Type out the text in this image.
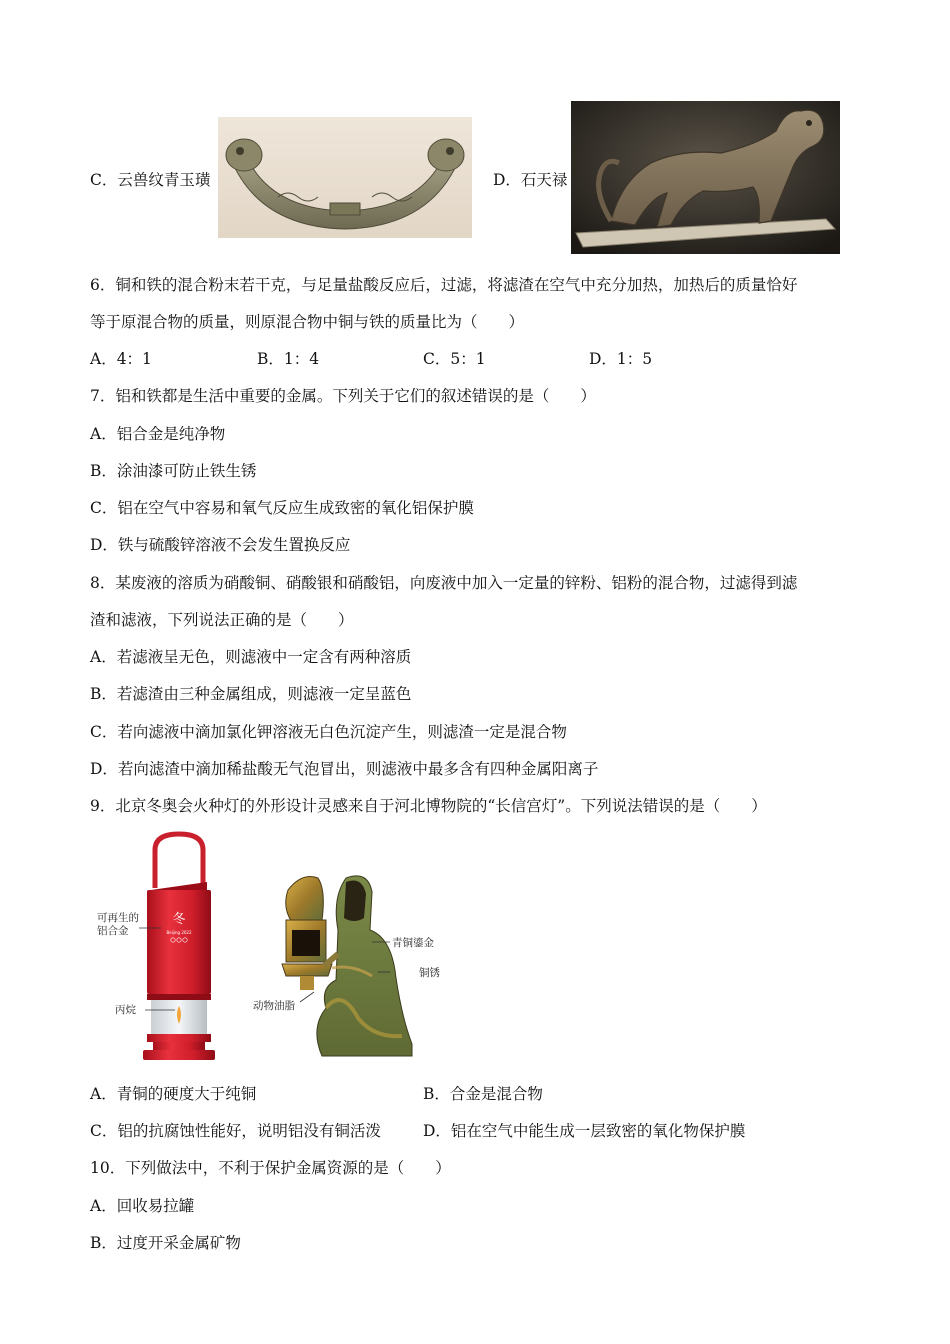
C．云兽纹青玉璜	D．石天禄
6．铜和铁的混合粉末若干克，与足量盐酸反应后，过滤，将滤渣在空气中充分加热，加热后的质量恰好
等于原混合物的质量，则原混合物中铜与铁的质量比为（　　）
A．4：1	B．1：4	C．5：1	D．1：5
7．铝和铁都是生活中重要的金属。下列关于它们的叙述错误的是（　　）
A．铝合金是纯净物
B．涂油漆可防止铁生锈
C．铝在空气中容易和氧气反应生成致密的氧化铝保护膜
D．铁与硫酸锌溶液不会发生置换反应
8．某废液的溶质为硝酸铜、硝酸银和硝酸铝，向废液中加入一定量的锌粉、铝粉的混合物，过滤得到滤
渣和滤液，下列说法正确的是（　　）
A．若滤液呈无色，则滤液中一定含有两种溶质
B．若滤渣由三种金属组成，则滤液一定呈蓝色
C．若向滤液中滴加氯化钾溶液无白色沉淀产生，则滤渣一定是混合物
D．若向滤渣中滴加稀盐酸无气泡冒出，则滤液中最多含有四种金属阳离子
9．北京冬奥会火种灯的外形设计灵感来自于河北博物院的“长信宫灯”。下列说法错误的是（　　）
冬
Beijing 2022
可再生的
铝合金
丙烷
青铜鎏金
铜锈
动物油脂
A．青铜的硬度大于纯铜	B．合金是混合物
C．铝的抗腐蚀性能好，说明铝没有铜活泼	D．铝在空气中能生成一层致密的氧化物保护膜
10．下列做法中，不利于保护金属资源的是（　　）
A．回收易拉罐
B．过度开采金属矿物
